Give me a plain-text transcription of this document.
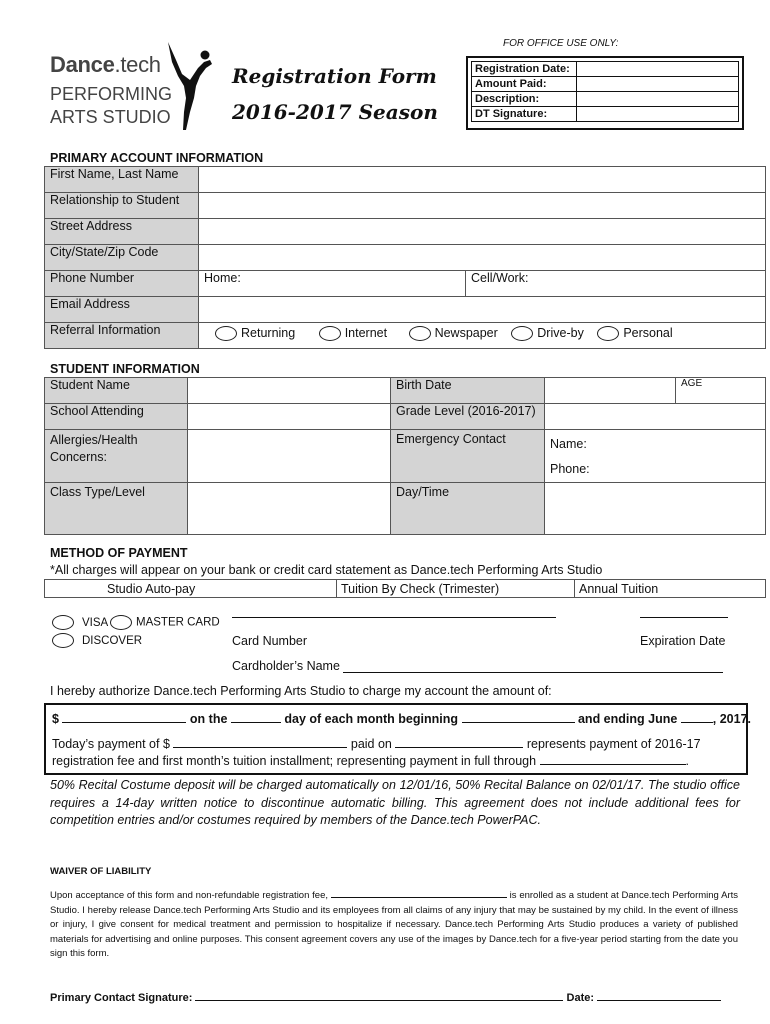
Dance.tech
PERFORMING
ARTS STUDIO
Registration Form
2016-2017 Season
FOR OFFICE USE ONLY:
Registration Date:	
Amount Paid:	
Description:	
DT Signature:	
PRIMARY ACCOUNT INFORMATION
First Name, Last Name		
Relationship to Student		
Street Address		
City/State/Zip Code		
Phone Number	Home:	Cell/Work:
Email Address		
Referral Information	Returning Internet Newspaper Drive-by Personal	
STUDENT INFORMATION
Student Name		Birth Date		AGE
School Attending		Grade Level (2016-2017)		
Allergies/Health Concerns:		Emergency Contact	Name:
Phone:	

Class Type/Level		Day/Time		
METHOD OF PAYMENT
*All charges will appear on your bank or credit card statement as Dance.tech Performing Arts Studio
	Studio Auto-pay	Tuition By Check (Trimester)	Annual Tuition
VISA	MASTER CARD
DISCOVER	Card Number	Expiration Date
Cardholder’s Name
I hereby authorize Dance.tech Performing Arts Studio to charge my account the amount of:
$	on the	day of each month beginning	and ending June	, 2017.
Today’s payment of $	paid on	represents payment of 2016-17
registration fee and first month’s tuition installment; representing payment in full through	.
50% Recital Costume deposit will be charged automatically on 12/01/16, 50% Recital Balance on 02/01/17. The studio office requires a 14-day written notice to discontinue automatic billing. This agreement does not include additional fees for competition entries and/or costumes required by members of the Dance.tech PowerPAC.
WAIVER OF LIABILITY
Upon acceptance of this form and non-refundable registration fee,	is enrolled as a student at Dance.tech Performing Arts Studio. I hereby release Dance.tech Performing Arts Studio and its employees from all claims of any injury that may be sustained by my child. In the event of illness or injury, I give consent for medical treatment and permission to hospitalize if necessary. Dance.tech Performing Arts Studio produces a variety of published materials for advertising and online purposes. This consent agreement covers any use of the images by Dance.tech for a five-year period starting from the date you sign this form.
Primary Contact Signature:	Date:
